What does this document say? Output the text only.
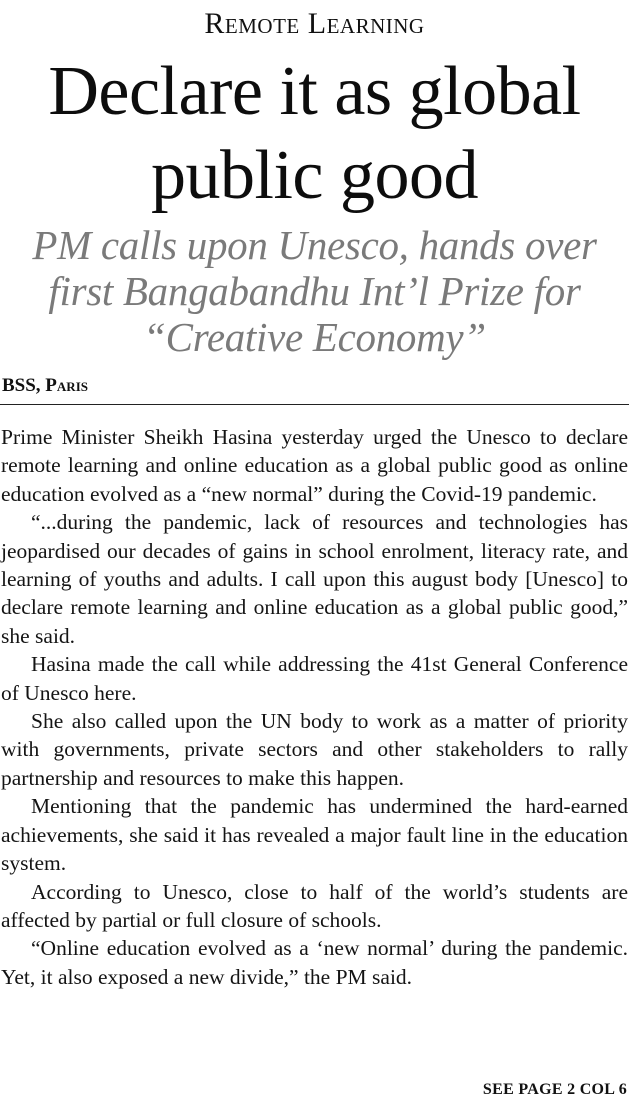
Remote Learning
Declare it as global
public good
PM calls upon Unesco, hands over
first Bangabandhu Int’l Prize for
“Creative Economy”
BSS, Paris

Prime Minister Sheikh Hasina yesterday urged the Unesco to declare remote learning and online education as a global public good as online education evolved as a “new normal” during the Covid-19 pandemic.

“...during the pandemic, lack of resources and technologies has jeopardised our decades of gains in school enrolment, literacy rate, and learning of youths and adults. I call upon this august body [Unesco] to declare remote learning and online education as a global public good,” she said.

Hasina made the call while addressing the 41st General Conference of Unesco here.

She also called upon the UN body to work as a matter of priority with governments, private sectors and other stakeholders to rally partnership and resources to make this happen.

Mentioning that the pandemic has undermined the hard-earned achievements, she said it has revealed a major fault line in the education system.

According to Unesco, close to half of the world’s students are affected by partial or full closure of schools.

“Online education evolved as a ‘new normal’ during the pandemic. Yet, it also exposed a new divide,” the PM said.

SEE PAGE 2 COL 6
